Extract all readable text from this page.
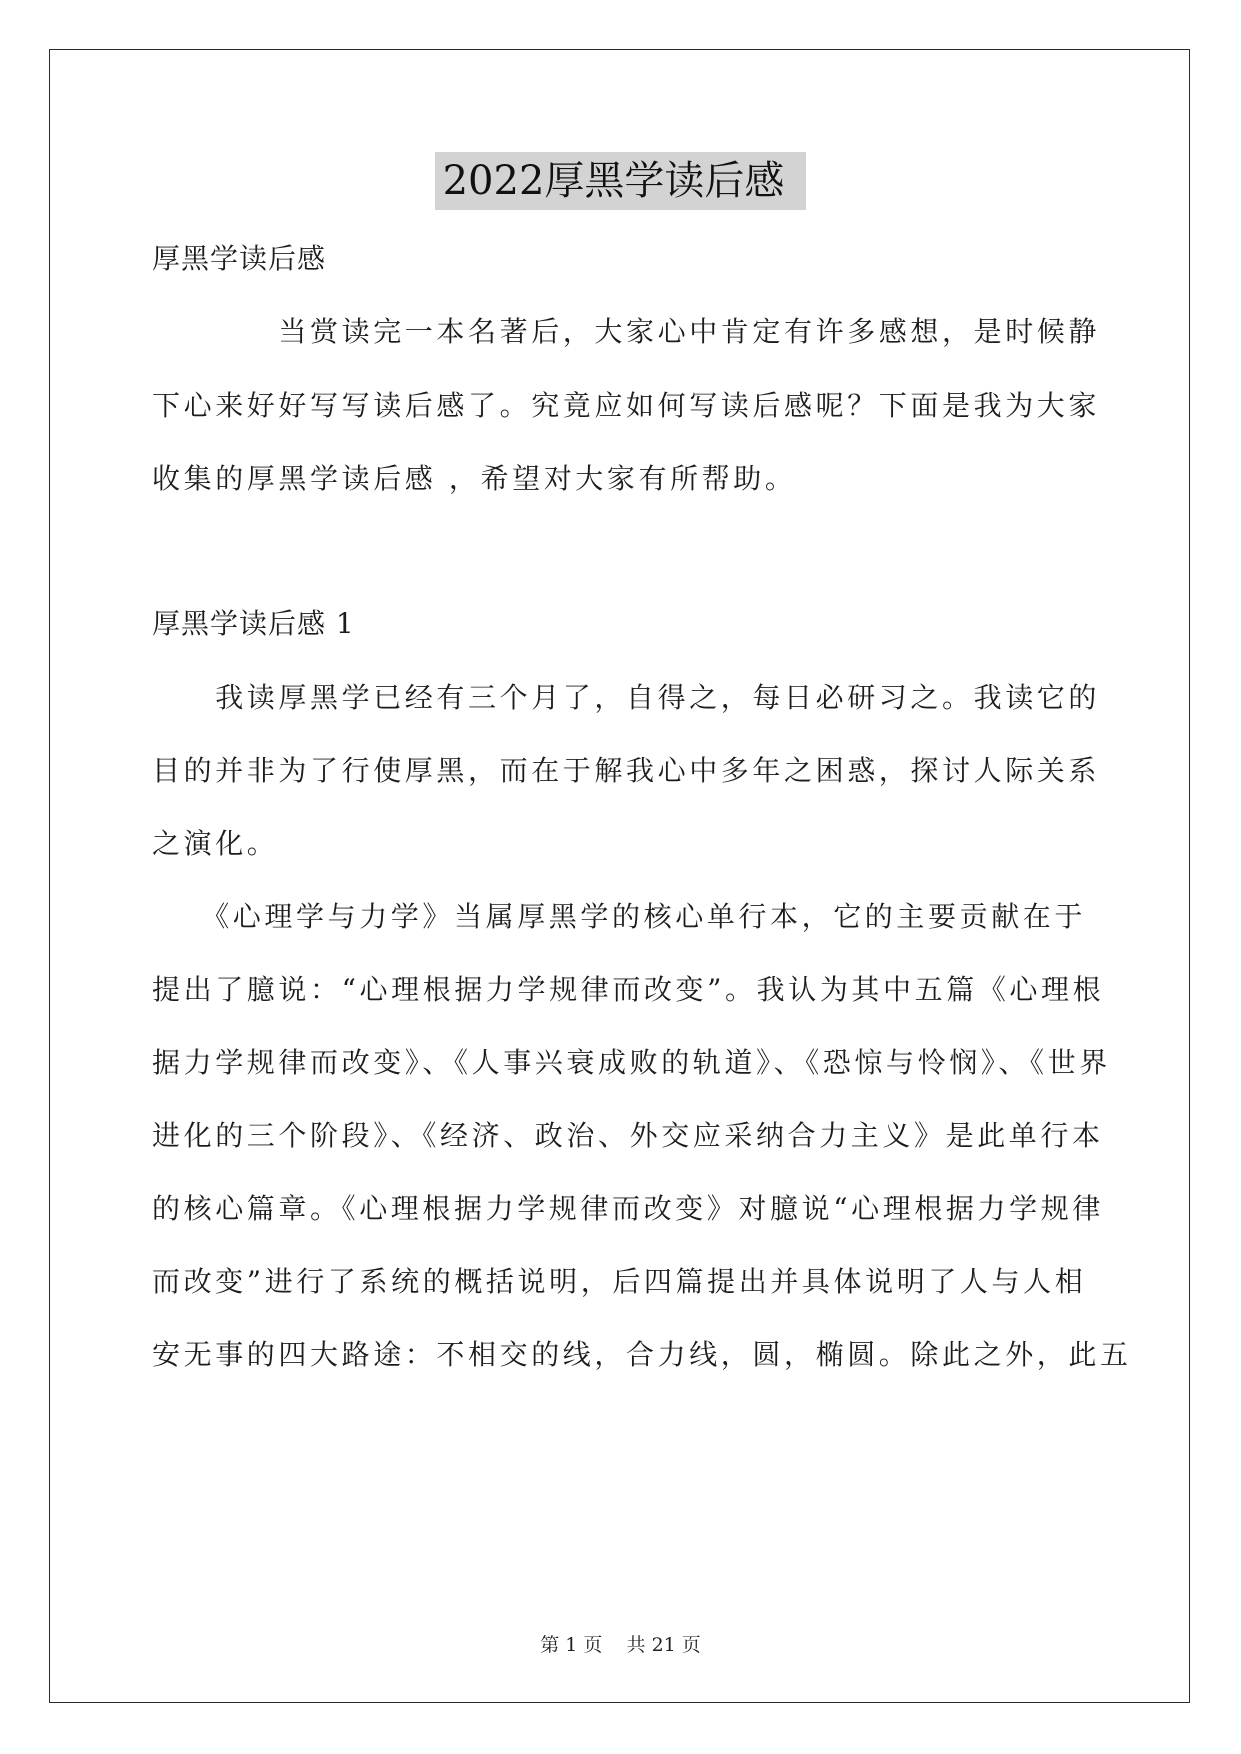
2022厚黑学读后感
厚黑学读后感
　　　　当赏读完一本名著后，大家心中肯定有许多感想，是时候静
下心来好好写写读后感了。究竟应如何写读后感呢？下面是我为大家
收集的厚黑学读后感 ，希望对大家有所帮助。
厚黑学读后感 1
　　我读厚黑学已经有三个月了，自得之，每日必研习之。我读它的
目的并非为了行使厚黑，而在于解我心中多年之困惑，探讨人际关系
之演化。
　　《心理学与力学》当属厚黑学的核心单行本，它的主要贡献在于
提出了臆说：“心理根据力学规律而改变”。我认为其中五篇《心理根
据力学规律而改变》、《人事兴衰成败的轨道》、《恐惊与怜悯》、《世界
进化的三个阶段》、《经济、政治、外交应采纳合力主义》是此单行本
的核心篇章。《心理根据力学规律而改变》对臆说“心理根据力学规律
而改变”进行了系统的概括说明，后四篇提出并具体说明了人与人相
安无事的四大路途：不相交的线，合力线，圆，椭圆。除此之外，此五
第 1 页 共 21 页
